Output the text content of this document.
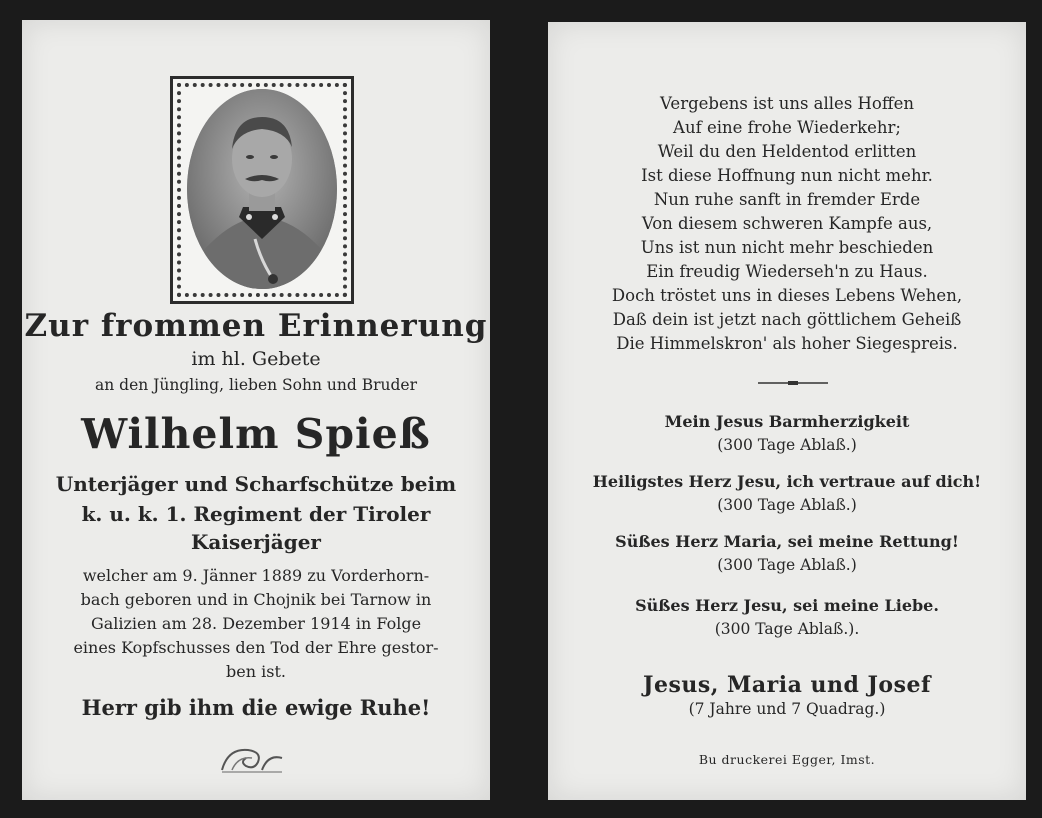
Zur frommen Erinnerung
im hl. Gebete
an den Jüngling, lieben Sohn und Bruder
Wilhelm Spieß
Unterjäger und Scharfschütze beim
k. u. k. 1. Regiment der Tiroler
Kaiserjäger
welcher am 9. Jänner 1889 zu Vorderhorn-
bach geboren und in Chojnik bei Tarnow in
Galizien am 28. Dezember 1914 in Folge
eines Kopfschusses den Tod der Ehre gestor-
ben ist.
Herr gib ihm die ewige Ruhe!
Vergebens ist uns alles Hoffen
Auf eine frohe Wiederkehr;
Weil du den Heldentod erlitten
Ist diese Hoffnung nun nicht mehr.
Nun ruhe sanft in fremder Erde
Von diesem schweren Kampfe aus,
Uns ist nun nicht mehr beschieden
Ein freudig Wiederseh'n zu Haus.
Doch tröstet uns in dieses Lebens Wehen,
Daß dein ist jetzt nach göttlichem Geheiß
Die Himmelskron' als hoher Siegespreis.
Mein Jesus Barmherzigkeit
(300 Tage Ablaß.)
Heiligstes Herz Jesu, ich vertraue auf dich!
(300 Tage Ablaß.)
Süßes Herz Maria, sei meine Rettung!
(300 Tage Ablaß.)
Süßes Herz Jesu, sei meine Liebe.
(300 Tage Ablaß.).
Jesus, Maria und Josef
(7 Jahre und 7 Quadrag.)
Bu druckerei Egger, Imst.
